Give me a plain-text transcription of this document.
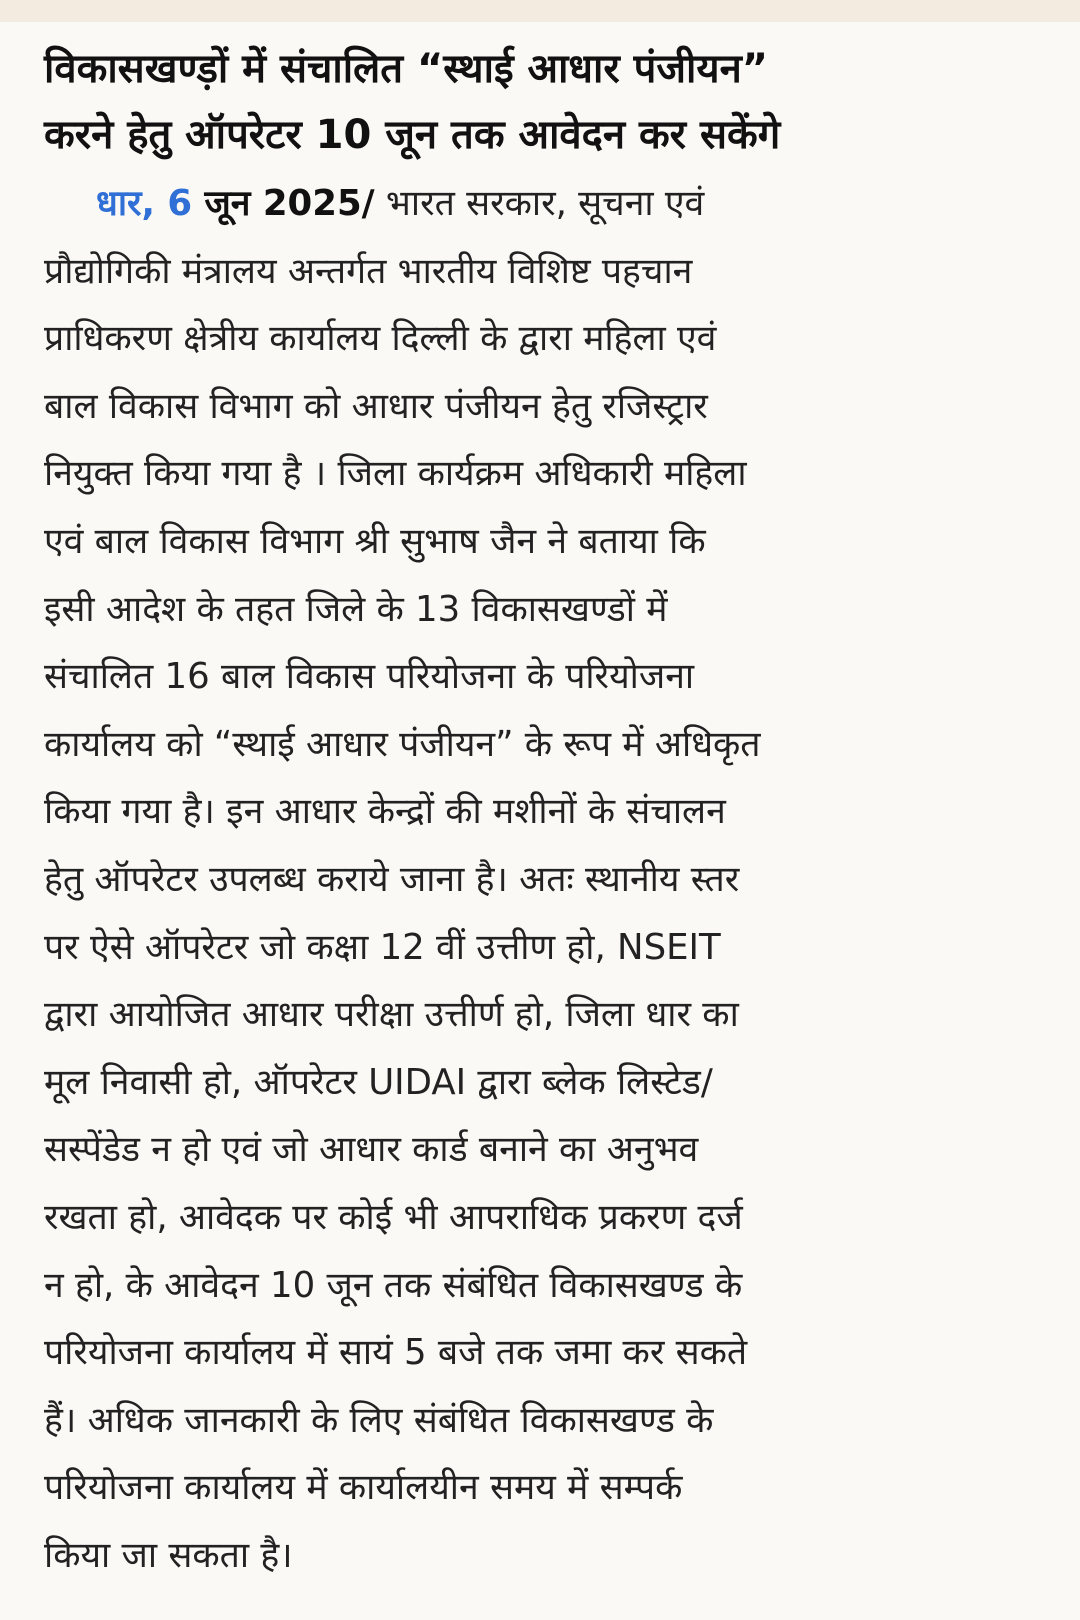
विकासखण्ड़ों में संचालित “स्थाई आधार पंजीयन”
करने हेतु ऑपरेटर 10 जून तक आवेदन कर सकेंगे
धार, 6 जून 2025/ भारत सरकार, सूचना एवं
प्रौद्योगिकी मंत्रालय अन्तर्गत भारतीय विशिष्ट पहचान
प्राधिकरण क्षेत्रीय कार्यालय दिल्ली के द्वारा महिला एवं
बाल विकास विभाग को आधार पंजीयन हेतु रजिस्ट्रार
नियुक्त किया गया है । जिला कार्यक्रम अधिकारी महिला
एवं बाल विकास विभाग श्री सुभाष जैन ने बताया कि
इसी आदेश के तहत जिले के 13 विकासखण्डों में
संचालित 16 बाल विकास परियोजना के परियोजना
कार्यालय को “स्थाई आधार पंजीयन” के रूप में अधिकृत
किया गया है। इन आधार केन्द्रों की मशीनों के संचालन
हेतु ऑपरेटर उपलब्ध कराये जाना है। अतः स्थानीय स्तर
पर ऐसे ऑपरेटर जो कक्षा 12 वीं उत्तीण हो, NSEIT
द्वारा आयोजित आधार परीक्षा उत्तीर्ण हो, जिला धार का
मूल निवासी हो, ऑपरेटर UIDAI द्वारा ब्लेक लिस्टेड/
सस्पेंडेड न हो एवं जो आधार कार्ड बनाने का अनुभव
रखता हो, आवेदक पर कोई भी आपराधिक प्रकरण दर्ज
न हो, के आवेदन 10 जून तक संबंधित विकासखण्ड के
परियोजना कार्यालय में सायं 5 बजे तक जमा कर सकते
हैं। अधिक जानकारी के लिए संबंधित विकासखण्ड के
परियोजना कार्यालय में कार्यालयीन समय में सम्पर्क
किया जा सकता है।
